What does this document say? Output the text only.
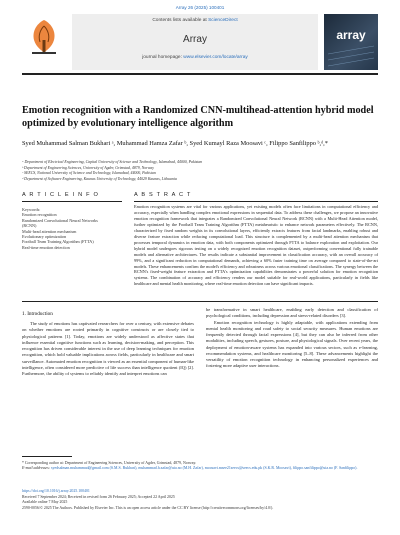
Array 26 (2025) 100401
Contents lists available at ScienceDirect
Array
journal homepage: www.elsevier.com/locate/array
array
Emotion recognition with a Randomized CNN-multihead-attention hybrid model optimized by evolutionary intelligence algorithm
Syed Muhammad Salman Bukhari ᵃ, Muhammad Hamza Zafar ᵇ, Syed Kumayl Raza Moosavi ᶜ, Filippo Sanfilippo ᵇ,ᵈ,*
ᵃ Department of Electrical Engineering, Capital University of Science and Technology, Islamabad, 44000, Pakistan
ᵇ Department of Engineering Sciences, University of Agder, Grimstad, 4879, Norway
ᶜ SEECS, National University of Science and Technology, Islamabad, 44000, Pakistan
ᵈ Department of Software Engineering, Kaunas University of Technology, 44029 Kaunas, Lithuania
A R T I C L E I N F O	A B S T R A C T
Keywords:
Emotion recognition
Randomized Convolutional Neural Networks
(RCNN)
Multi-head attention mechanism
Evolutionary optimization
Football Team Training Algorithm (FTTA)
Real-time emotion detection
Emotion recognition systems are vital for various applications, yet existing models often face limitations in computational efficiency and accuracy, especially when handling complex emotional expressions in sequential data. To address these challenges, we propose an innovative emotion recognition framework that integrates a Randomized Convolutional Neural Network (RCNN) with a Multi-Head Attention model, further optimized by the Football Team Training Algorithm (FTTA) metaheuristic to enhance network parameters effectively. The RCNN, characterized by fixed random weights in its convolutional layers, efficiently extracts features from facial landmarks, enabling robust and diverse feature extraction while reducing computational load. This structure is complemented by a multi-head attention mechanism that processes temporal dynamics in emotion data, with both components optimized through FTTA to balance exploration and exploitation. Our hybrid model undergoes rigorous testing on a widely recognized emotion recognition dataset, outperforming conventional fully trainable models and alternative architectures. The results indicate a substantial improvement in classification accuracy, with an overall accuracy of 99%, and a significant reduction in computational demands, achieving a 60% faster training time on average compared to state-of-the-art models. These enhancements confirm the model's efficiency and robustness across various emotional classifications. The synergy between the RCNN's fixed-weight feature extraction and FTTA's optimization capabilities demonstrates a powerful solution for emotion recognition systems. The combination of accuracy and efficiency renders our model suitable for real-world applications, particularly in fields like healthcare and mental health monitoring, where real-time emotion detection can have significant impacts.
1. Introduction

The study of emotions has captivated researchers for over a century, with extensive debates on whether emotions are rooted primarily in cognitive constructs or are closely tied to physiological patterns [1]. Today, emotions are widely understood as affective states that influence essential cognitive functions such as learning, decision-making, and perception. This recognition has driven considerable interest in the use of deep learning techniques for emotion recognition, which hold valuable implications across fields, particularly in healthcare and smart surveillance. Automated emotion recognition is viewed as an essential component of human-like intelligence, often considered more predictive of life success than intelligence quotient (IQ) [2]. Furthermore, the ability of systems to reliably identify and interpret emotions can

be transformative in smart healthcare, enabling early detection and classification of psychological conditions, including depression and stress-related disorders [3].

Emotion recognition technology is highly adaptable, with applications extending from mental health monitoring and road safety to social security measures. Human emotions are frequently detected through facial expressions [4], but they can also be inferred from other modalities, including speech, gestures, posture, and physiological signals. Over recent years, the deployment of emotion-aware systems has expanded into various sectors, such as e-learning, recommendation systems, and healthcare monitoring [5–8]. These advancements highlight the versatility of emotion recognition technology in enhancing personalized experiences and fostering more adaptive user interactions.

* Corresponding author at: Department of Engineering Sciences, University of Agder, Grimstad, 4879, Norway.
E-mail addresses: syedsalman.muhammad@gmail.com (S.M.S. Bukhari), muhammad.h.zafar@uia.no (M.H. Zafar), moosavi.msee21seecs@seecs.edu.pk (S.K.R. Moosavi), filippo.sanfilippo@uia.no (F. Sanfilippo).
https://doi.org/10.1016/j.array.2025.100401
Received 7 September 2024; Received in revised form 26 February 2025; Accepted 22 April 2025
Available online 7 May 2025
2590-0056/© 2025 The Authors. Published by Elsevier Inc. This is an open access article under the CC BY license (http://creativecommons.org/licenses/by/4.0/).
